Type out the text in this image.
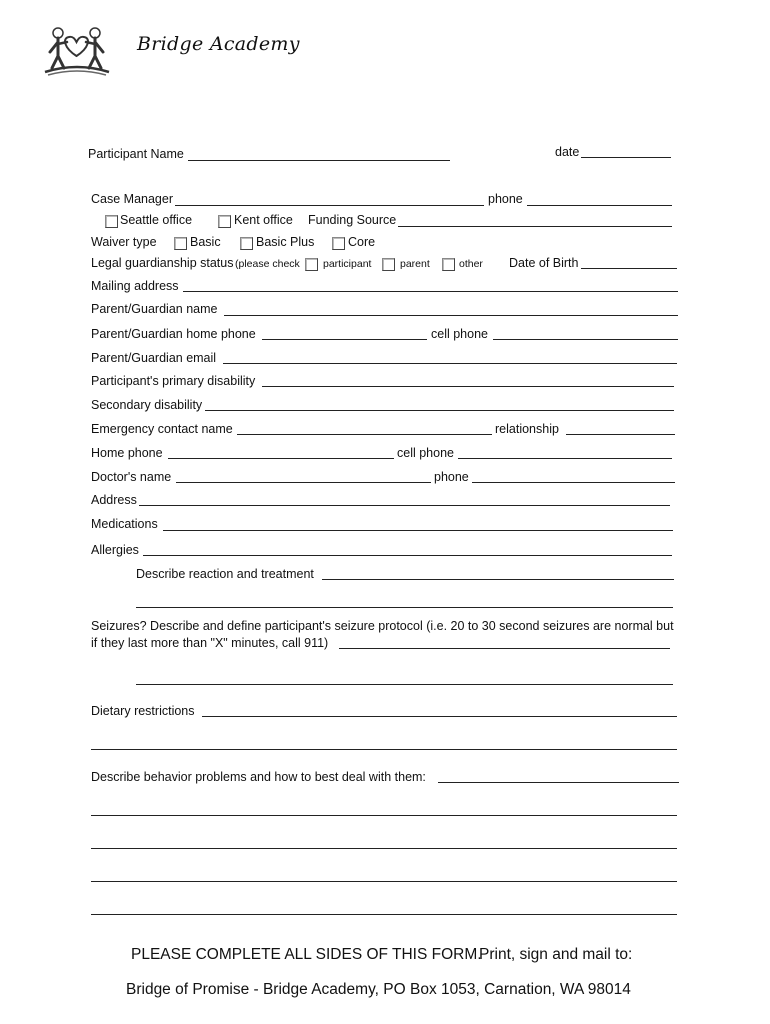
Bridge Academy
Participant Name	date
Case Manager	phone
Seattle office	Kent office Funding Source
Waiver type	Basic	Basic Plus	Core
Legal guardianship status (please check participant	parent	other Date of Birth
Mailing address
Parent/Guardian name
Parent/Guardian home phone	cell phone
Parent/Guardian email
Participant's primary disability
Secondary disability
Emergency contact name	relationship
Home phone	cell phone
Doctor's name	phone
Address
Medications
Allergies
Describe reaction and treatment
Seizures? Describe and define participant's seizure protocol (i.e. 20 to 30 second seizures are normal but
if they last more than "X" minutes, call 911)
Dietary restrictions
Describe behavior problems and how to best deal with them:
PLEASE COMPLETE ALL SIDES OF THIS FORM.
Print, sign and mail to:
Bridge of Promise - Bridge Academy, PO Box 1053, Carnation, WA 98014
